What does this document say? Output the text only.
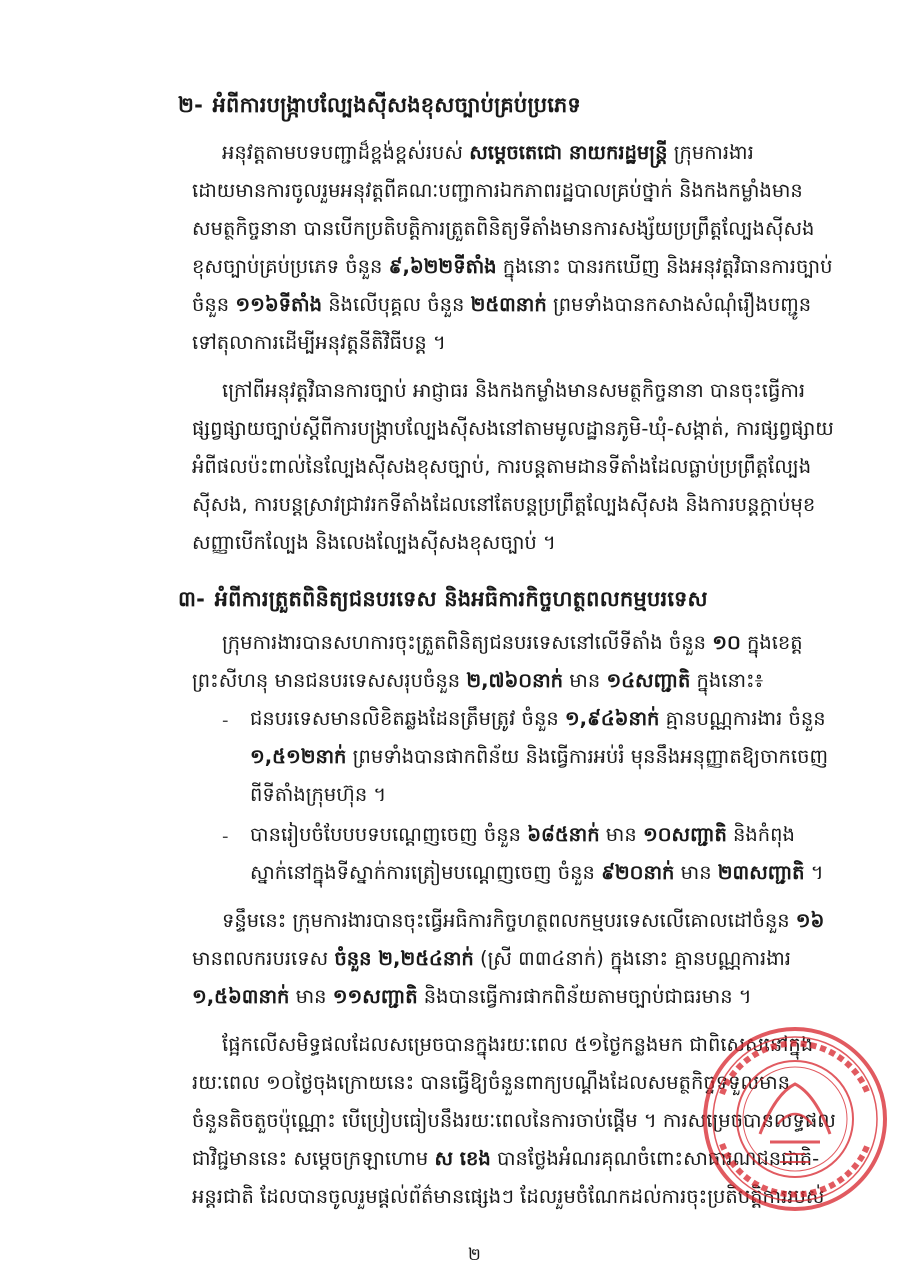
២- អំពីការបង្ក្រាបល្បែងស៊ីសងខុសច្បាប់គ្រប់ប្រភេទ
អនុវត្តតាមបទបញ្ជាដ៏ខ្ពង់ខ្ពស់របស់ សម្តេចតេជោ នាយករដ្ឋមន្ត្រី ក្រុមការងារ
ដោយមានការចូលរួមអនុវត្តពីគណៈបញ្ជាការឯកភាពរដ្ឋបាលគ្រប់ថ្នាក់ និងកងកម្លាំងមាន
សមត្ថកិច្ចនានា បានបើកប្រតិបត្តិការត្រួតពិនិត្យទីតាំងមានការសង្ស័យប្រព្រឹត្តល្បែងស៊ីសង
ខុសច្បាប់គ្រប់ប្រភេទ ចំនួន ៩,៦២២ទីតាំង ក្នុងនោះ បានរកឃើញ និងអនុវត្តវិធានការច្បាប់
ចំនួន ១១៦ទីតាំង និងលើបុគ្គល ចំនួន ២៥៣នាក់ ព្រមទាំងបានកសាងសំណុំរឿងបញ្ជូន
ទៅតុលាការដើម្បីអនុវត្តនីតិវិធីបន្ត ។
ក្រៅពីអនុវត្តវិធានការច្បាប់ អាជ្ញាធរ និងកងកម្លាំងមានសមត្ថកិច្ចនានា បានចុះធ្វើការ
ផ្សព្វផ្សាយច្បាប់ស្តីពីការបង្ក្រាបល្បែងស៊ីសងនៅតាមមូលដ្ឋានភូមិ-ឃុំ-សង្កាត់, ការផ្សព្វផ្សាយ
អំពីផលប៉ះពាល់នៃល្បែងស៊ីសងខុសច្បាប់, ការបន្តតាមដានទីតាំងដែលធ្លាប់ប្រព្រឹត្តល្បែង
ស៊ីសង, ការបន្តស្រាវជ្រាវរកទីតាំងដែលនៅតែបន្តប្រព្រឹត្តល្បែងស៊ីសង និងការបន្តក្តាប់មុខ
សញ្ញាបើកល្បែង និងលេងល្បែងស៊ីសងខុសច្បាប់ ។
៣- អំពីការត្រួតពិនិត្យជនបរទេស និងអធិការកិច្ចហត្ថពលកម្មបរទេស
ក្រុមការងារបានសហការចុះត្រួតពិនិត្យជនបរទេសនៅលើទីតាំង ចំនួន ១០ ក្នុងខេត្ត
ព្រះសីហនុ មានជនបរទេសសរុបចំនួន ២,៧៦០នាក់ មាន ១៤សញ្ជាតិ ក្នុងនោះ៖
- ជនបរទេសមានលិខិតឆ្លងដែនត្រឹមត្រូវ ចំនួន ១,៩៤៦នាក់ គ្មានបណ្ណការងារ ចំនួន
១,៥១២នាក់ ព្រមទាំងបានផាកពិន័យ និងធ្វើការអប់រំ មុននឹងអនុញ្ញាតឱ្យចាកចេញ
ពីទីតាំងក្រុមហ៊ុន ។
- បានរៀបចំបែបបទបណ្តេញចេញ ចំនួន ៦៨៥នាក់ មាន ១០សញ្ជាតិ និងកំពុង
ស្នាក់នៅក្នុងទីស្នាក់ការត្រៀមបណ្តេញចេញ ចំនួន ៩២០នាក់ មាន ២៣សញ្ជាតិ ។
ទន្ទឹមនេះ ក្រុមការងារបានចុះធ្វើអធិការកិច្ចហត្ថពលកម្មបរទេសលើគោលដៅចំនួន ១៦
មានពលករបរទេស ចំនួន ២,២៥៤នាក់ (ស្រី ៣៣៤នាក់) ក្នុងនោះ គ្មានបណ្ណការងារ
១,៥៦៣នាក់ មាន ១១សញ្ជាតិ និងបានធ្វើការផាកពិន័យតាមច្បាប់ជាធរមាន ។
ផ្អែកលើសមិទ្ធផលដែលសម្រេចបានក្នុងរយៈពេល ៥១ថ្ងៃកន្លងមក ជាពិសេសនៅក្នុង
រយៈពេល ១០ថ្ងៃចុងក្រោយនេះ បានធ្វើឱ្យចំនួនពាក្យបណ្តឹងដែលសមត្ថកិច្ចទទួលមាន
ចំនួនតិចតួចប៉ុណ្ណោះ បើប្រៀបធៀបនឹងរយៈពេលនៃការចាប់ផ្តើម ។ ការសម្រេចបានលទ្ធផល
ជាវិជ្ជមាននេះ សម្តេចក្រឡាហោម ស ខេង បានថ្លែងអំណរគុណចំពោះសាធារណជនជាតិ-
អន្តរជាតិ ដែលបានចូលរួមផ្តល់ព័ត៌មានផ្សេងៗ ដែលរួមចំណែកដល់ការចុះប្រតិបត្តិការរបស់
២
